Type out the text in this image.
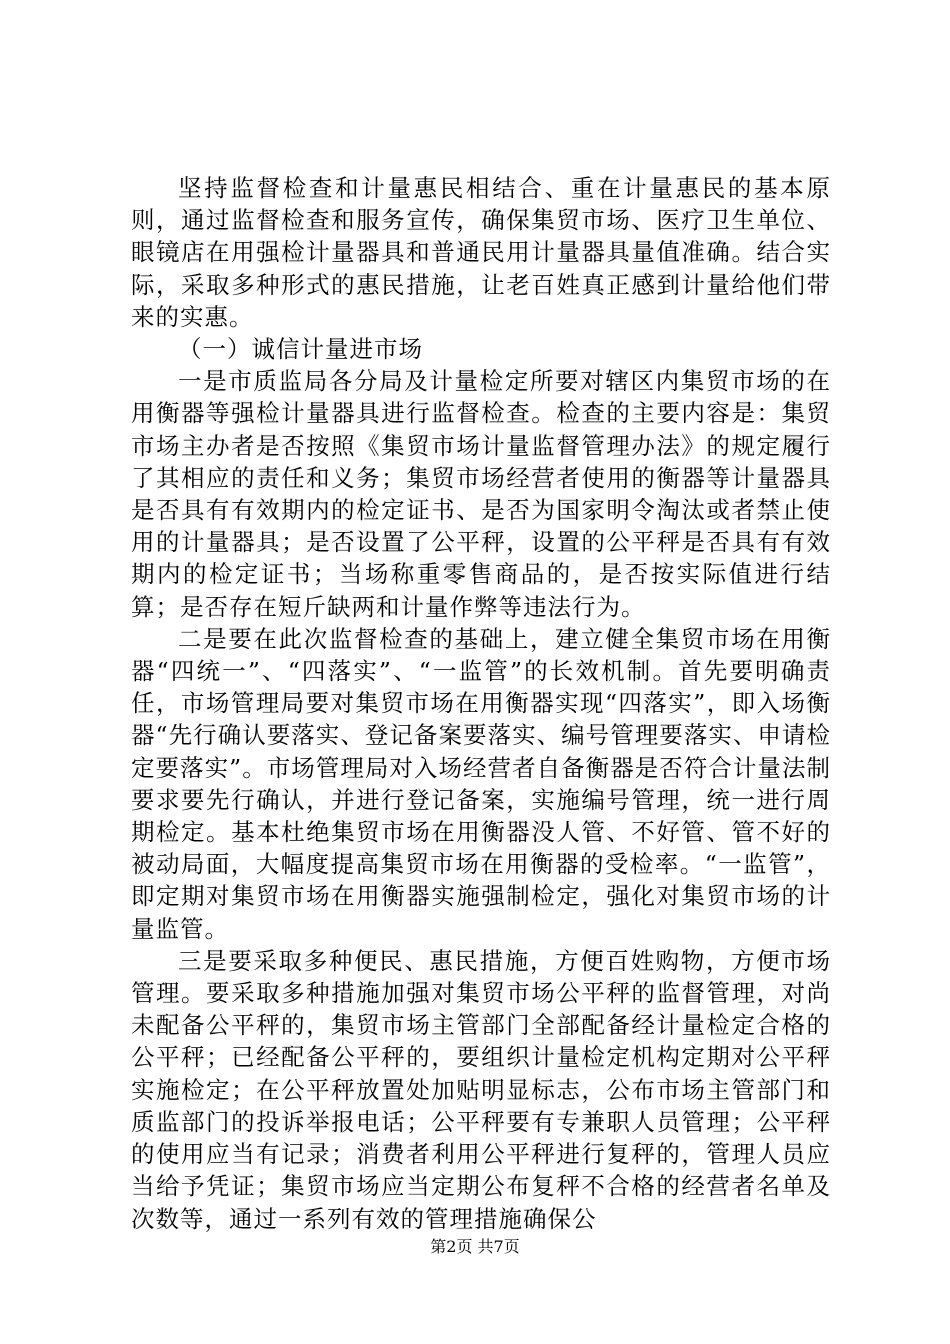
坚持监督检查和计量惠民相结合、重在计量惠民的基本原则，通过监督检查和服务宣传，确保集贸市场、医疗卫生单位、眼镜店在用强检计量器具和普通民用计量器具量值准确。结合实际，采取多种形式的惠民措施，让老百姓真正感到计量给他们带来的实惠。

（一）诚信计量进市场

一是市质监局各分局及计量检定所要对辖区内集贸市场的在用衡器等强检计量器具进行监督检查。检查的主要内容是：集贸市场主办者是否按照《集贸市场计量监督管理办法》的规定履行了其相应的责任和义务；集贸市场经营者使用的衡器等计量器具是否具有有效期内的检定证书、是否为国家明令淘汰或者禁止使用的计量器具；是否设置了公平秤，设置的公平秤是否具有有效期内的检定证书；当场称重零售商品的，是否按实际值进行结算；是否存在短斤缺两和计量作弊等违法行为。

二是要在此次监督检查的基础上，建立健全集贸市场在用衡器“四统一”、“四落实”、“一监管”的长效机制。首先要明确责任，市场管理局要对集贸市场在用衡器实现“四落实”，即入场衡器“先行确认要落实、登记备案要落实、编号管理要落实、申请检定要落实”。市场管理局对入场经营者自备衡器是否符合计量法制要求要先行确认，并进行登记备案，实施编号管理，统一进行周期检定。基本杜绝集贸市场在用衡器没人管、不好管、管不好的被动局面，大幅度提高集贸市场在用衡器的受检率。“一监管”，即定期对集贸市场在用衡器实施强制检定，强化对集贸市场的计量监管。

三是要采取多种便民、惠民措施，方便百姓购物，方便市场管理。要采取多种措施加强对集贸市场公平秤的监督管理，对尚未配备公平秤的，集贸市场主管部门全部配备经计量检定合格的公平秤；已经配备公平秤的，要组织计量检定机构定期对公平秤实施检定；在公平秤放置处加贴明显标志，公布市场主管部门和质监部门的投诉举报电话；公平秤要有专兼职人员管理；公平秤的使用应当有记录；消费者利用公平秤进行复秤的，管理人员应当给予凭证；集贸市场应当定期公布复秤不合格的经营者名单及次数等，通过一系列有效的管理措施确保公

第2页 共7页
